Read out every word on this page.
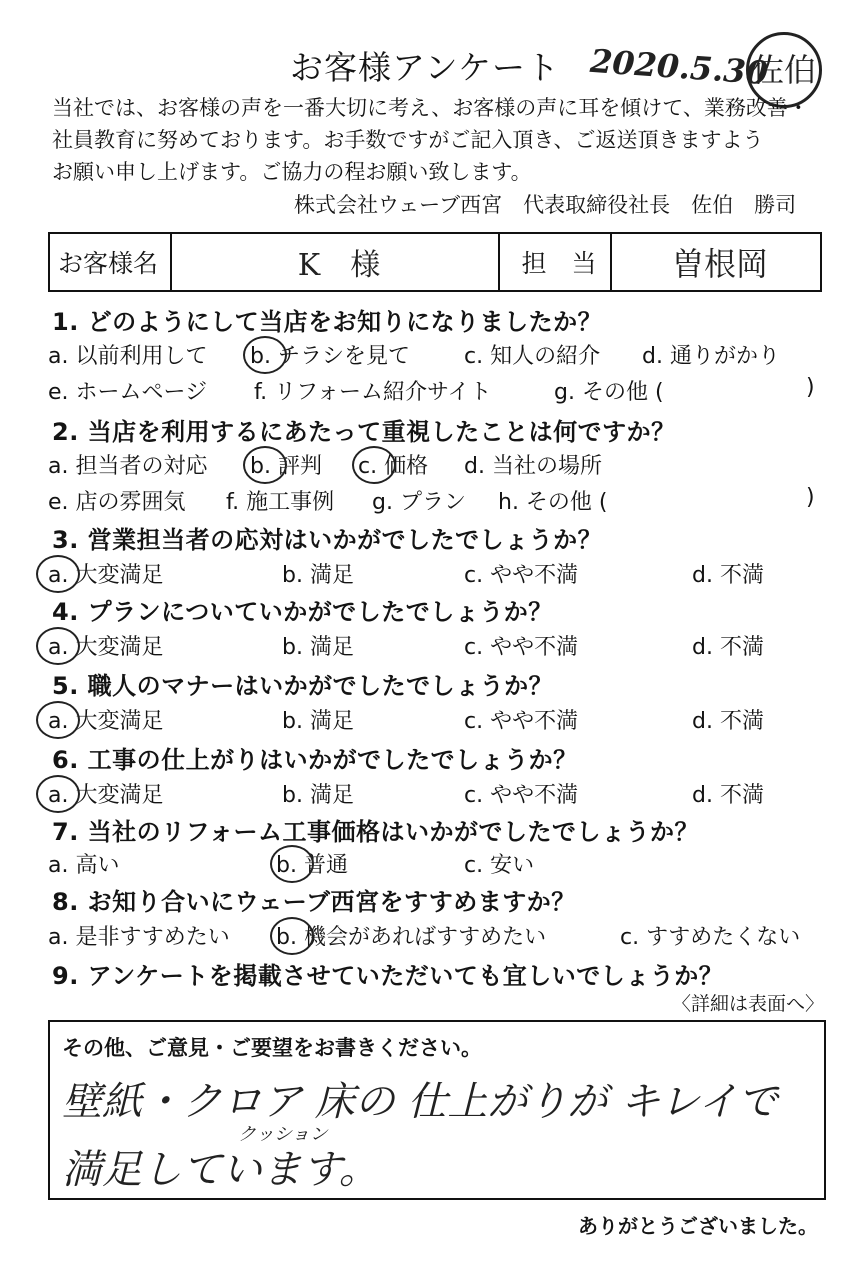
お客様アンケート 2020.5.30
佐伯
当社では、お客様の声を一番大切に考え、お客様の声に耳を傾けて、業務改善・
社員教育に努めております。お手数ですがご記入頂き、ご返送頂きますよう
お願い申し上げます。ご協力の程お願い致します。
株式会社ウェーブ西宮　代表取締役社長　佐伯　勝司
お客様名	K　様	担　当	曽根岡
1. どのようにして当店をお知りになりましたか？
a. 以前利用して b. チラシを見て c. 知人の紹介 d. 通りがかり
e. ホームページ f. リフォーム紹介サイト	g. その他 (	)
2. 当店を利用するにあたって重視したことは何ですか？
a. 担当者の対応 b. 評判 c. 価格 d. 当社の場所
e. 店の雰囲気 f. 施工事例 g. プラン h. その他 (	)
3. 営業担当者の応対はいかがでしたでしょうか？
a. 大変満足	b. 満足	c. やや不満	d. 不満
4. プランについていかがでしたでしょうか？
a. 大変満足	b. 満足	c. やや不満	d. 不満
5. 職人のマナーはいかがでしたでしょうか？
a. 大変満足	b. 満足	c. やや不満	d. 不満
6. 工事の仕上がりはいかがでしたでしょうか？
a. 大変満足	b. 満足	c. やや不満	d. 不満
7. 当社のリフォーム工事価格はいかがでしたでしょうか？
a. 高い	b. 普通	c. 安い
8. お知り合いにウェーブ西宮をすすめますか？
a. 是非すすめたい b. 機会があればすすめたい	c. すすめたくない
9. アンケートを掲載させていただいても宜しいでしょうか？
〈詳細は表面へ〉
その他、ご意見・ご要望をお書きください。
壁紙・クロア 床の 仕上がりが キレイで
クッション
満足しています。
ありがとうございました。
